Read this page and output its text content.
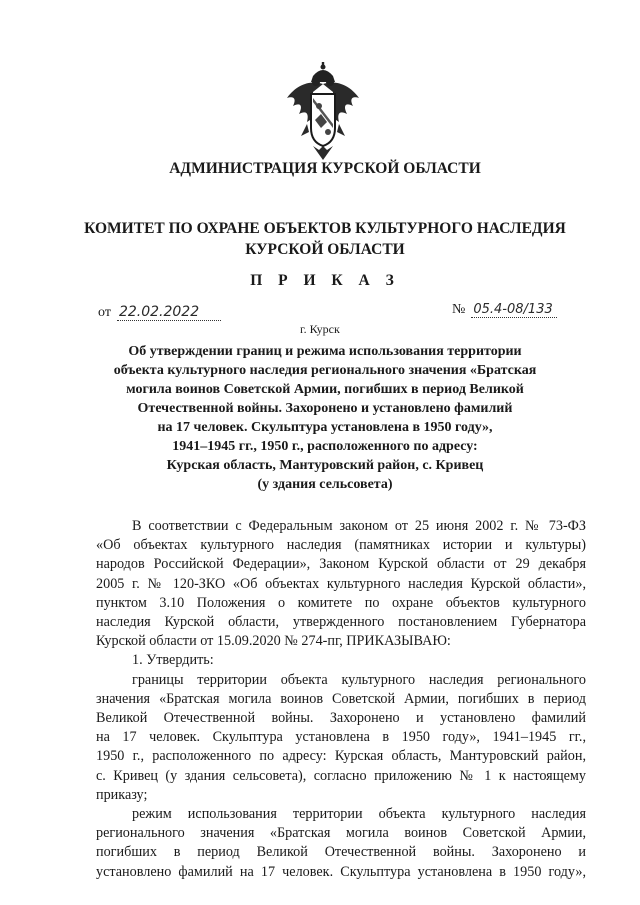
АДМИНИСТРАЦИЯ КУРСКОЙ ОБЛАСТИ
КОМИТЕТ ПО ОХРАНЕ ОБЪЕКТОВ КУЛЬТУРНОГО НАСЛЕДИЯ
КУРСКОЙ ОБЛАСТИ
П Р И К А З
от 22.02.2022	№ 05.4-08/133
г. Курск
Об утверждении границ и режима использования территории
объекта культурного наследия регионального значения «Братская
могила воинов Советской Армии, погибших в период Великой
Отечественной войны. Захоронено и установлено фамилий
на 17 человек. Скульптура установлена в 1950 году»,
1941–1945 гг., 1950 г., расположенного по адресу:
Курская область, Мантуровский район, с. Кривец
(у здания сельсовета)
В соответствии с Федеральным законом от 25 июня 2002 г. № 73-ФЗ
«Об объектах культурного наследия (памятниках истории и культуры)
народов Российской Федерации», Законом Курской области от 29 декабря
2005 г. № 120-ЗКО «Об объектах культурного наследия Курской области»,
пунктом 3.10 Положения о комитете по охране объектов культурного
наследия Курской области, утвержденного постановлением Губернатора
Курской области от 15.09.2020 № 274-пг, ПРИКАЗЫВАЮ:
1. Утвердить:
границы территории объекта культурного наследия регионального
значения «Братская могила воинов Советской Армии, погибших в период
Великой Отечественной войны. Захоронено и установлено фамилий
на 17 человек. Скульптура установлена в 1950 году», 1941–1945 гг.,
1950 г., расположенного по адресу: Курская область, Мантуровский район,
с. Кривец (у здания сельсовета), согласно приложению № 1 к настоящему
приказу;
режим использования территории объекта культурного наследия
регионального значения «Братская могила воинов Советской Армии,
погибших в период Великой Отечественной войны. Захоронено и
установлено фамилий на 17 человек. Скульптура установлена в 1950 году»,
